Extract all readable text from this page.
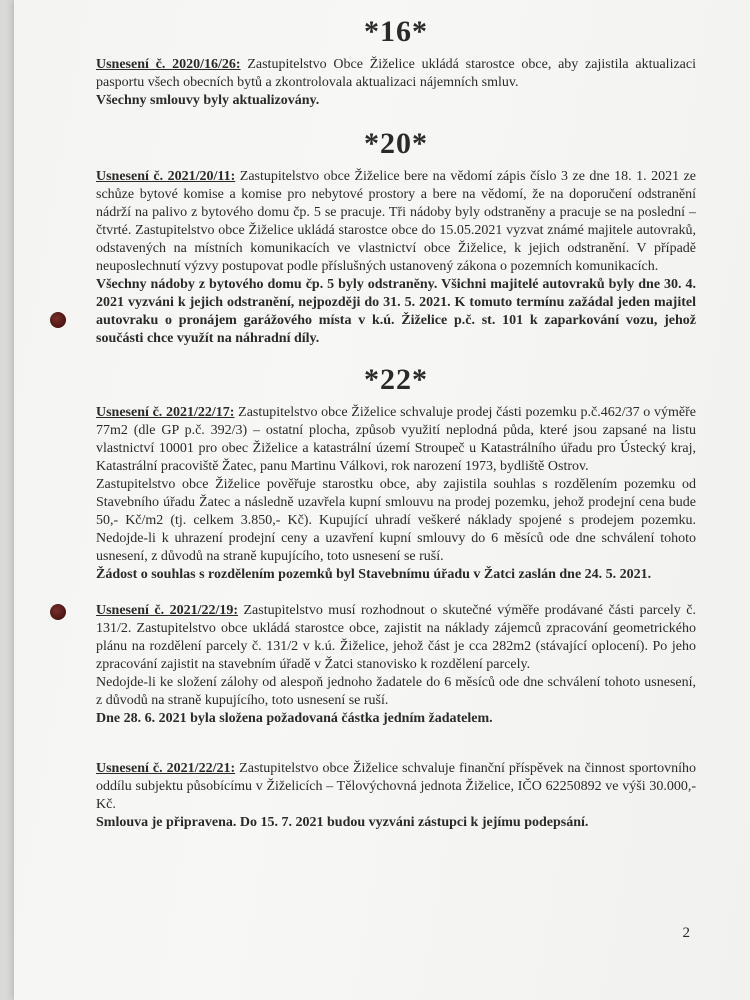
*16*

Usnesení č. 2020/16/26: Zastupitelstvo Obce Žiželice ukládá starostce obce, aby zajistila aktualizaci pasportu všech obecních bytů a zkontrolovala aktualizaci nájemních smluv.

Všechny smlouvy byly aktualizovány.

*20*

Usnesení č. 2021/20/11: Zastupitelstvo obce Žiželice bere na vědomí zápis číslo 3 ze dne 18. 1. 2021 ze schůze bytové komise a komise pro nebytové prostory a bere na vědomí, že na doporučení odstranění nádrží na palivo z bytového domu čp. 5 se pracuje. Tři nádoby byly odstraněny a pracuje se na poslední – čtvrté. Zastupitelstvo obce Žiželice ukládá starostce obce do 15.05.2021 vyzvat známé majitele autovraků, odstavených na místních komunikacích ve vlastnictví obce Žiželice, k jejich odstranění. V případě neuposlechnutí výzvy postupovat podle příslušných ustanovený zákona o pozemních komunikacích.

Všechny nádoby z bytového domu čp. 5 byly odstraněny. Všichni majitelé autovraků byly dne 30. 4. 2021 vyzváni k jejich odstranění, nejpozději do 31. 5. 2021. K tomuto termínu zažádal jeden majitel autovraku o pronájem garážového místa v k.ú. Žiželice p.č. st. 101 k zaparkování vozu, jehož součásti chce využít na náhradní díly.

*22*

Usnesení č. 2021/22/17: Zastupitelstvo obce Žiželice schvaluje prodej části pozemku p.č.462/37 o výměře 77m2 (dle GP p.č. 392/3) – ostatní plocha, způsob využití neplodná půda, které jsou zapsané na listu vlastnictví 10001 pro obec Žiželice a katastrální území Stroupeč u Katastrálního úřadu pro Ústecký kraj, Katastrální pracoviště Žatec, panu Martinu Válkovi, rok narození 1973, bydliště Ostrov.

Zastupitelstvo obce Žiželice pověřuje starostku obce, aby zajistila souhlas s rozdělením pozemku od Stavebního úřadu Žatec a následně uzavřela kupní smlouvu na prodej pozemku, jehož prodejní cena bude 50,- Kč/m2 (tj. celkem 3.850,- Kč). Kupující uhradí veškeré náklady spojené s prodejem pozemku. Nedojde-li k uhrazení prodejní ceny a uzavření kupní smlouvy do 6 měsíců ode dne schválení tohoto usnesení, z důvodů na straně kupujícího, toto usnesení se ruší.

Žádost o souhlas s rozdělením pozemků byl Stavebnímu úřadu v Žatci zaslán dne 24. 5. 2021.

Usnesení č. 2021/22/19: Zastupitelstvo musí rozhodnout o skutečné výměře prodávané části parcely č. 131/2. Zastupitelstvo obce ukládá starostce obce, zajistit na náklady zájemců zpracování geometrického plánu na rozdělení parcely č. 131/2 v k.ú. Žiželice, jehož část je cca 282m2 (stávající oplocení). Po jeho zpracování zajistit na stavebním úřadě v Žatci stanovisko k rozdělení parcely.

Nedojde-li ke složení zálohy od alespoň jednoho žadatele do 6 měsíců ode dne schválení tohoto usnesení, z důvodů na straně kupujícího, toto usnesení se ruší.

Dne 28. 6. 2021 byla složena požadovaná částka jedním žadatelem.

Usnesení č. 2021/22/21: Zastupitelstvo obce Žiželice schvaluje finanční příspěvek na činnost sportovního oddílu subjektu působícímu v Žiželicích – Tělovýchovná jednota Žiželice, IČO 62250892 ve výši 30.000,- Kč.

Smlouva je připravena. Do 15. 7. 2021 budou vyzváni zástupci k jejímu podepsání.

2
